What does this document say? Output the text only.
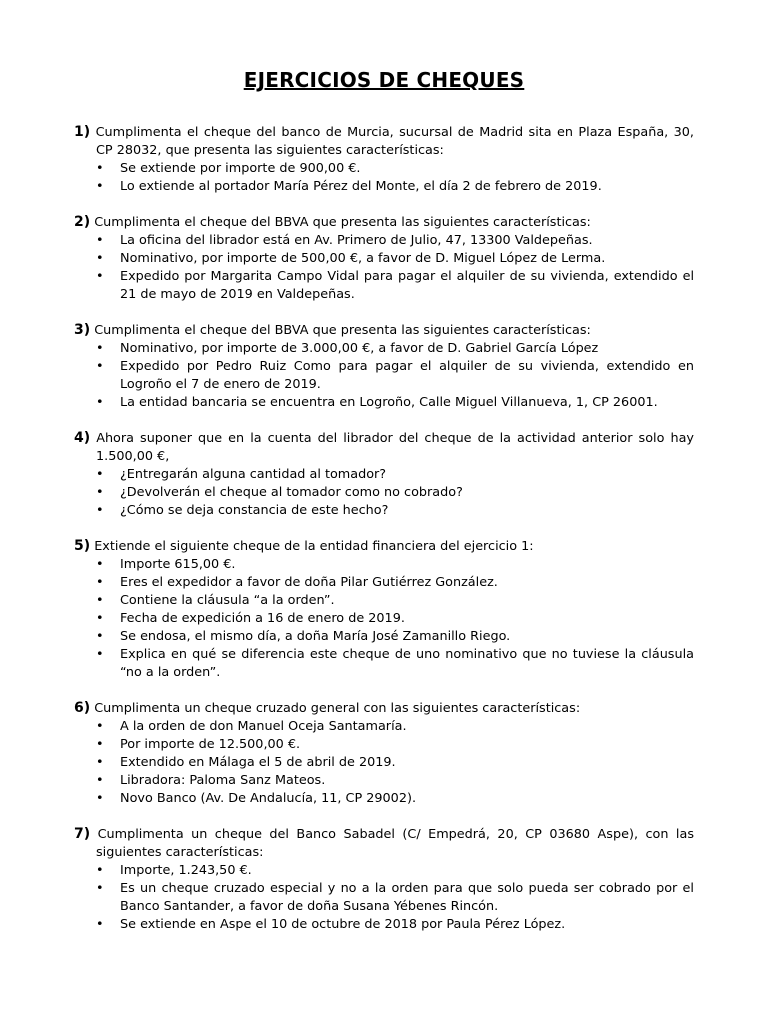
EJERCICIOS DE CHEQUES
1) Cumplimenta el cheque del banco de Murcia, sucursal de Madrid sita en Plaza España, 30, CP 28032, que presenta las siguientes características:
• Se extiende por importe de 900,00 €.
• Lo extiende al portador María Pérez del Monte, el día 2 de febrero de 2019.
2) Cumplimenta el cheque del BBVA que presenta las siguientes características:
• La oficina del librador está en Av. Primero de Julio, 47, 13300 Valdepeñas.
• Nominativo, por importe de 500,00 €, a favor de D. Miguel López de Lerma.
• Expedido por Margarita Campo Vidal para pagar el alquiler de su vivienda, extendido el 21 de mayo de 2019 en Valdepeñas.
3) Cumplimenta el cheque del BBVA que presenta las siguientes características:
• Nominativo, por importe de 3.000,00 €, a favor de D. Gabriel García López
• Expedido por Pedro Ruiz Como para pagar el alquiler de su vivienda, extendido en Logroño el 7 de enero de 2019.
• La entidad bancaria se encuentra en Logroño, Calle Miguel Villanueva, 1, CP 26001.
4) Ahora suponer que en la cuenta del librador del cheque de la actividad anterior solo hay 1.500,00 €,
• ¿Entregarán alguna cantidad al tomador?
• ¿Devolverán el cheque al tomador como no cobrado?
• ¿Cómo se deja constancia de este hecho?
5) Extiende el siguiente cheque de la entidad financiera del ejercicio 1:
• Importe 615,00 €.
• Eres el expedidor a favor de doña Pilar Gutiérrez González.
• Contiene la cláusula “a la orden”.
• Fecha de expedición a 16 de enero de 2019.
• Se endosa, el mismo día, a doña María José Zamanillo Riego.
• Explica en qué se diferencia este cheque de uno nominativo que no tuviese la cláusula “no a la orden”.
6) Cumplimenta un cheque cruzado general con las siguientes características:
• A la orden de don Manuel Oceja Santamaría.
• Por importe de 12.500,00 €.
• Extendido en Málaga el 5 de abril de 2019.
• Libradora: Paloma Sanz Mateos.
• Novo Banco (Av. De Andalucía, 11, CP 29002).
7) Cumplimenta un cheque del Banco Sabadel (C/ Empedrá, 20, CP 03680 Aspe), con las siguientes características:
• Importe, 1.243,50 €.
• Es un cheque cruzado especial y no a la orden para que solo pueda ser cobrado por el Banco Santander, a favor de doña Susana Yébenes Rincón.
• Se extiende en Aspe el 10 de octubre de 2018 por Paula Pérez López.
